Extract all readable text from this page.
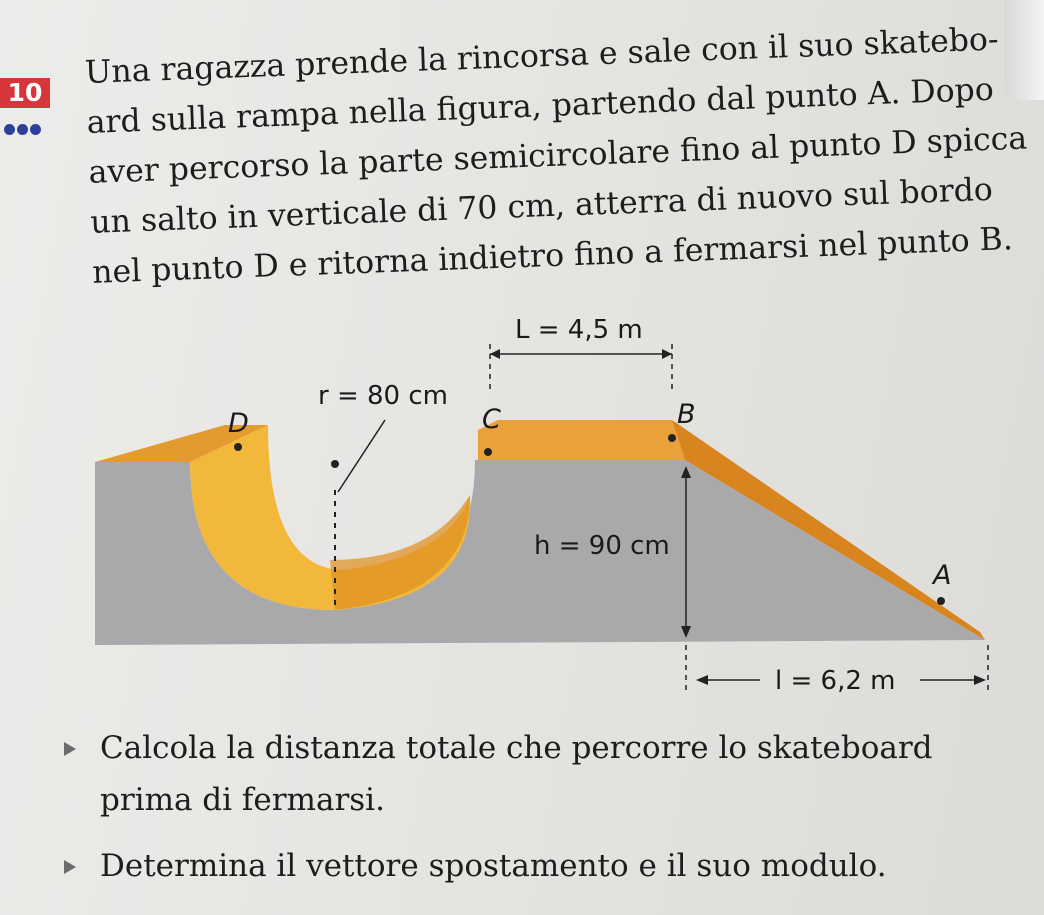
10

Una ragazza prende la rincorsa e sale con il suo skatebo-
ard sulla rampa nella figura, partendo dal punto A. Dopo
aver percorso la parte semicircolare fino al punto D spicca
un salto in verticale di 70 cm, atterra di nuovo sul bordo
nel punto D e ritorna indietro fino a fermarsi nel punto B.

L = 4,5 m
r = 80 cm
D	C	B
A
h = 90 cm
l = 6,2 m
Calcola la distanza totale che percorre lo skateboard
prima di fermarsi.
Determina il vettore spostamento e il suo modulo.
